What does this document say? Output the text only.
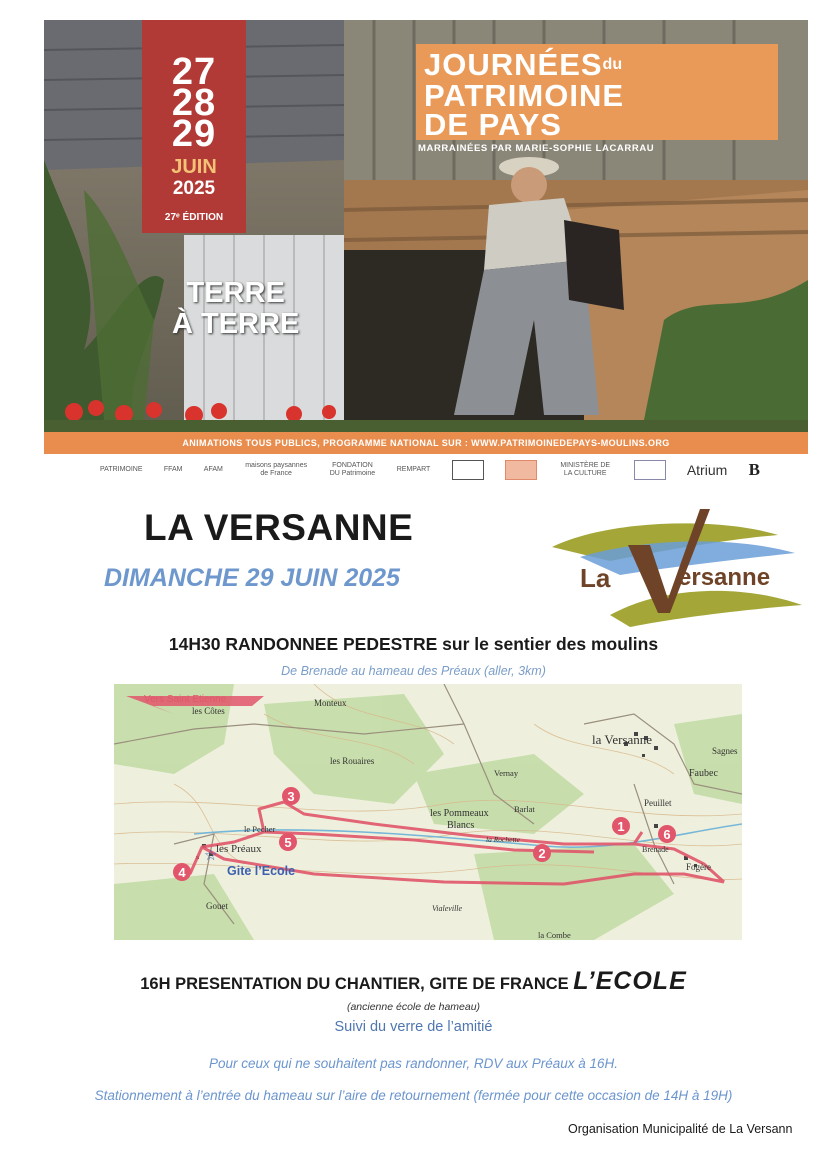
27
28
29
JUIN
2025
27ᵉ ÉDITION
$JOURNÉES^{du}$
PATRIMOINE
DE PAYS
MARRAINÉES PAR MARIE-SOPHIE LACARRAU
TERRE
À TERRE
ANIMATIONS TOUS PUBLICS, PROGRAMME NATIONAL SUR : WWW.PATRIMOINEDEPAYS-MOULINS.ORG
PATRIMOINE	FFAM	AFAM
maisons paysannes de France
FONDATION DU Patrimoine
REMPART
MINISTÈRE DE LA CULTURE	Atrium B
LA VERSANNE
DIMANCHE 29 JUIN 2025	La	ersanne
14H30 RANDONNEE PEDESTRE sur le sentier des moulins
De Brenade au hameau des Préaux (aller, 3km)
1
2
3
4
5
6
☆
Vers Saint Etienne
les Côtes
Monteux
les Rouaires
la Versanne
Vernay
Sagnes
Faubec
Peuillet
Barlat
les Pommeaux
Blancs
la Rochette
le Pecher
les Préaux
Gite l’Ecole
Gouet
Brenade
Fogère
Vialeville
la Combe
16H PRESENTATION DU CHANTIER, GITE DE FRANCE L’ECOLE
(ancienne école de hameau)
Suivi du verre de l’amitié
Pour ceux qui ne souhaitent pas randonner, RDV aux Préaux à 16H.
Stationnement à l’entrée du hameau sur l’aire de retournement (fermée pour cette occasion de 14H à 19H)
Organisation Municipalité de La Versann
